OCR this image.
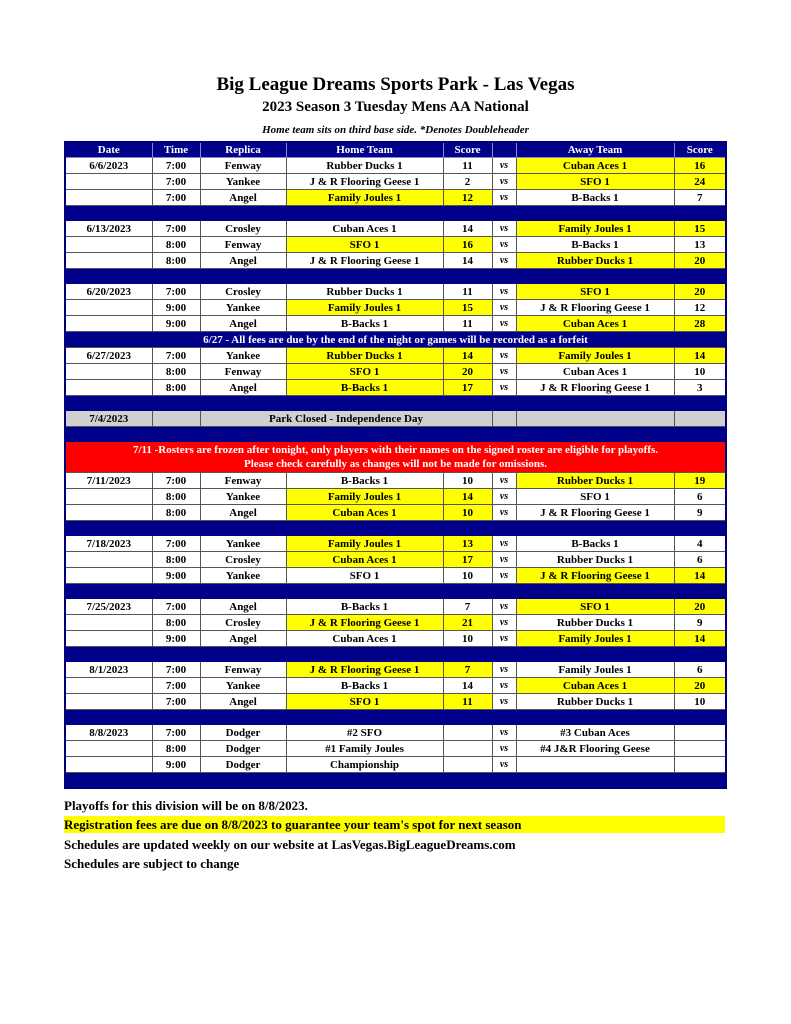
Big League Dreams Sports Park - Las Vegas
2023 Season 3 Tuesday Mens AA National
Home team sits on third base side. *Denotes Doubleheader
Date	Time	Replica	Home Team	Score		Away Team	Score
6/6/2023	7:00	Fenway	Rubber Ducks 1	11	vs	Cuban Aces 1	16
	7:00	Yankee	J & R Flooring Geese 1	2	vs	SFO 1	24
	7:00	Angel	Family Joules 1	12	vs	B-Backs 1	7

6/13/2023	7:00	Crosley	Cuban Aces 1	14	vs	Family Joules 1	15
	8:00	Fenway	SFO 1	16	vs	B-Backs 1	13
	8:00	Angel	J & R Flooring Geese 1	14	vs	Rubber Ducks 1	20

6/20/2023	7:00	Crosley	Rubber Ducks 1	11	vs	SFO 1	20
	9:00	Yankee	Family Joules 1	15	vs	J & R Flooring Geese 1	12
	9:00	Angel	B-Backs 1	11	vs	Cuban Aces 1	28
6/27 - All fees are due by the end of the night or games will be recorded as a forfeit							
6/27/2023	7:00	Yankee	Rubber Ducks 1	14	vs	Family Joules 1	14
	8:00	Fenway	SFO 1	20	vs	Cuban Aces 1	10
	8:00	Angel	B-Backs 1	17	vs	J & R Flooring Geese 1	3

7/4/2023		Park Closed - Independence Day					

7/11 -Rosters are frozen after tonight, only players with their names on the signed roster are eligible for playoffs.
Please check carefully as changes will not be made for omissions.							

7/11/2023	7:00	Fenway	B-Backs 1	10	vs	Rubber Ducks 1	19
	8:00	Yankee	Family Joules 1	14	vs	SFO 1	6
	8:00	Angel	Cuban Aces 1	10	vs	J & R Flooring Geese 1	9

7/18/2023	7:00	Yankee	Family Joules 1	13	vs	B-Backs 1	4
	8:00	Crosley	Cuban Aces 1	17	vs	Rubber Ducks 1	6
	9:00	Yankee	SFO 1	10	vs	J & R Flooring Geese 1	14

7/25/2023	7:00	Angel	B-Backs 1	7	vs	SFO 1	20
	8:00	Crosley	J & R Flooring Geese 1	21	vs	Rubber Ducks 1	9
	9:00	Angel	Cuban Aces 1	10	vs	Family Joules 1	14

8/1/2023	7:00	Fenway	J & R Flooring Geese 1	7	vs	Family Joules 1	6
	7:00	Yankee	B-Backs 1	14	vs	Cuban Aces 1	20
	7:00	Angel	SFO 1	11	vs	Rubber Ducks 1	10

8/8/2023	7:00	Dodger	#2 SFO		vs	#3 Cuban Aces	
	8:00	Dodger	#1 Family Joules		vs	#4 J&R Flooring Geese	
	9:00	Dodger	Championship		vs		

Playoffs for this division will be on 8/8/2023.
Registration fees are due on 8/8/2023 to guarantee your team's spot for next season
Schedules are updated weekly on our website at LasVegas.BigLeagueDreams.com
Schedules are subject to change
